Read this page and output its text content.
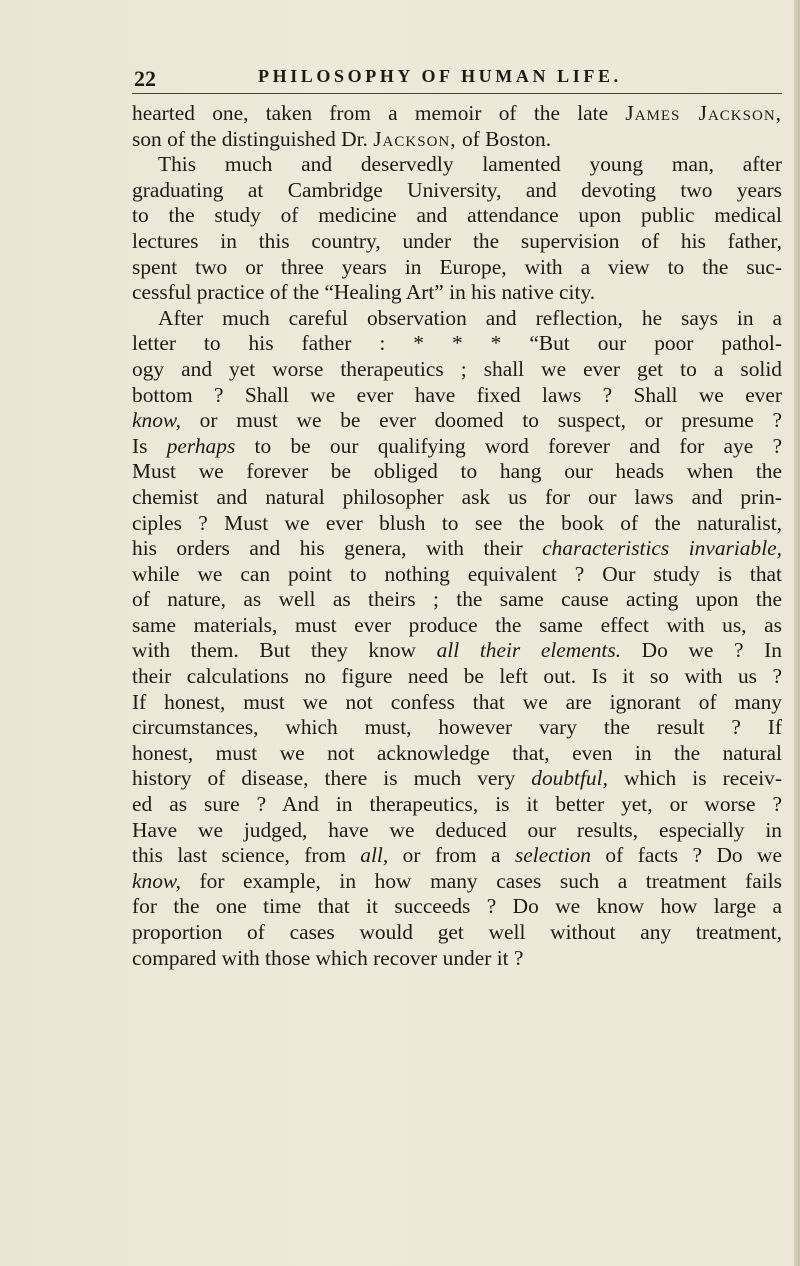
22	PHILOSOPHY OF HUMAN LIFE.
hearted one, taken from a memoir of the late James Jackson,
son of the distinguished Dr. Jackson, of Boston.
This much and deservedly lamented young man, after
graduating at Cambridge University, and devoting two years
to the study of medicine and attendance upon public medical
lectures in this country, under the supervision of his father,
spent two or three years in Europe, with a view to the suc-
cessful practice of the “Healing Art” in his native city.
After much careful observation and reflection, he says in a
letter to his father : * * * “But our poor pathol-
ogy and yet worse therapeutics ; shall we ever get to a solid
bottom ? Shall we ever have fixed laws ? Shall we ever
know, or must we be ever doomed to suspect, or presume ?
Is perhaps to be our qualifying word forever and for aye ?
Must we forever be obliged to hang our heads when the
chemist and natural philosopher ask us for our laws and prin-
ciples ? Must we ever blush to see the book of the naturalist,
his orders and his genera, with their characteristics invariable,
while we can point to nothing equivalent ? Our study is that
of nature, as well as theirs ; the same cause acting upon the
same materials, must ever produce the same effect with us, as
with them. But they know all their elements. Do we ? In
their calculations no figure need be left out. Is it so with us ?
If honest, must we not confess that we are ignorant of many
circumstances, which must, however vary the result ? If
honest, must we not acknowledge that, even in the natural
history of disease, there is much very doubtful, which is receiv-
ed as sure ? And in therapeutics, is it better yet, or worse ?
Have we judged, have we deduced our results, especially in
this last science, from all, or from a selection of facts ? Do we
know, for example, in how many cases such a treatment fails
for the one time that it succeeds ? Do we know how large a
proportion of cases would get well without any treatment,
compared with those which recover under it ?
